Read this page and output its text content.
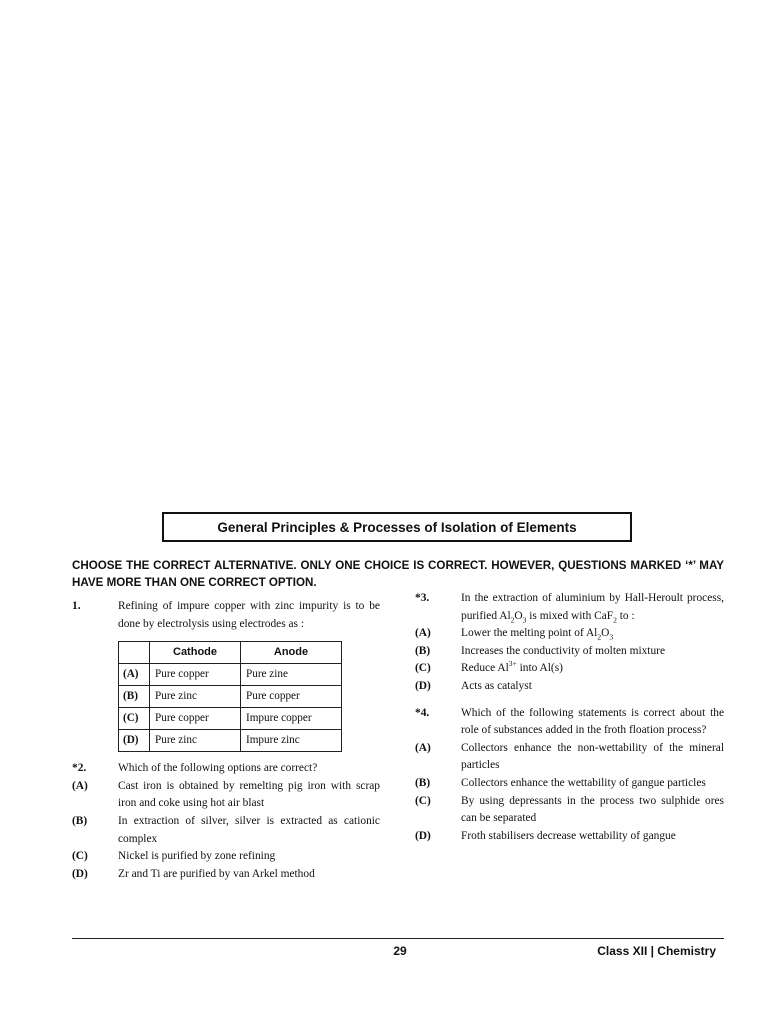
General Principles & Processes of Isolation of Elements
CHOOSE THE CORRECT ALTERNATIVE. ONLY ONE CHOICE IS CORRECT. HOWEVER, QUESTIONS MARKED ‘*’ MAY HAVE MORE THAN ONE CORRECT OPTION.
1.	Refining of impure copper with zinc impurity is to be done by electrolysis using electrodes as :
	Cathode	Anode
(A)	Pure copper	Pure zine
(B)	Pure zinc	Pure copper
(C)	Pure copper	Impure copper
(D)	Pure zinc	Impure zinc
*2.	Which of the following options are correct?
(A)	Cast iron is obtained by remelting pig iron with scrap iron and coke using hot air blast
(B)	In extraction of silver, silver is extracted as cationic complex
(C)	Nickel is purified by zone refining
(D)	Zr and Ti are purified by van Arkel method
*3.	In the extraction of aluminium by Hall-Heroult process, purified $Al_2O_3$ is mixed with CaF$_2$ to :
(A)	Lower the melting point of $Al_2O_3$
(B)	Increases the conductivity of molten mixture
(C)	Reduce $Al^{3+}$ into Al(s)
(D)	Acts as catalyst
*4.	Which of the following statements is correct about the role of substances added in the froth floation process?
(A)	Collectors enhance the non-wettability of the mineral particles
(B)	Collectors enhance the wettability of gangue particles
(C)	By using depressants in the process two sulphide ores can be separated
(D)	Froth stabilisers decrease wettability of gangue
29	Class XII | Chemistry
